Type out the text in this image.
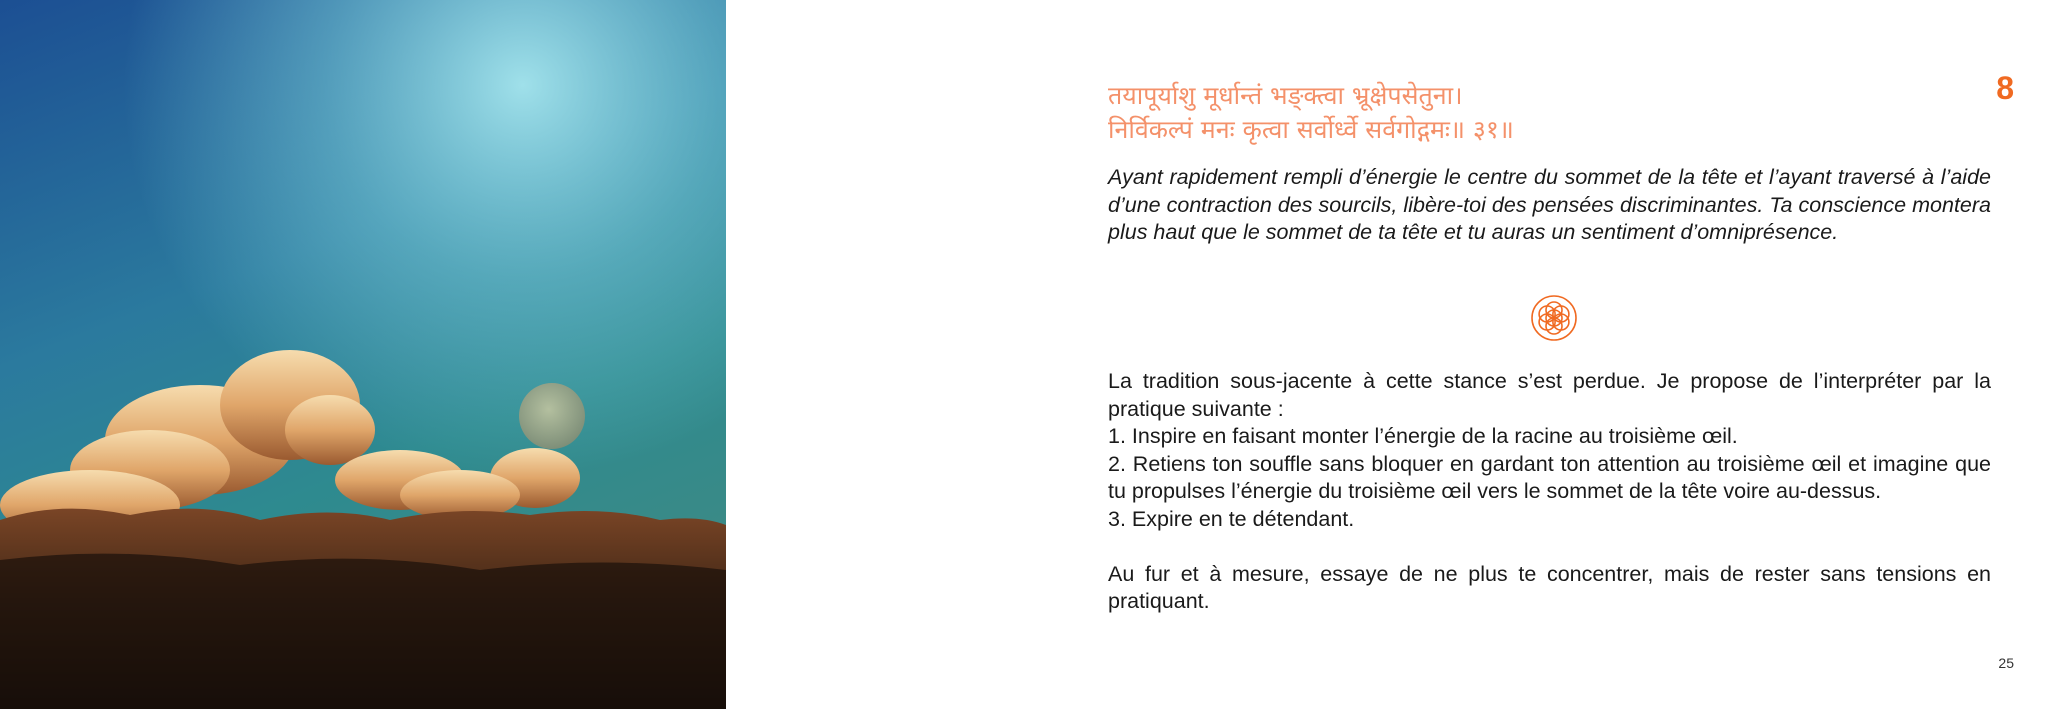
तयापूर्याशु मूर्धान्तं भङ्क्त्वा भ्रूक्षेपसेतुना।
निर्विकल्पं मनः कृत्वा सर्वोर्ध्वे सर्वगोद्गमः॥ ३१॥
8

Ayant rapidement rempli d’énergie le centre du sommet de la tête et l’ayant traversé à l’aide d’une contraction des sourcils, libère-toi des pensées discriminantes. Ta conscience montera plus haut que le sommet de ta tête et tu auras un sentiment d’omniprésence.

La tradition sous-jacente à cette stance s’est perdue. Je propose de l’interpréter par la pratique suivante :

1. Inspire en faisant monter l’énergie de la racine au troisième œil.

2. Retiens ton souffle sans bloquer en gardant ton attention au troisième œil et imagine que tu propulses l’énergie du troisième œil vers le sommet de la tête voire au-dessus.

3. Expire en te détendant.

Au fur et à mesure, essaye de ne plus te concentrer, mais de rester sans tensions en pratiquant.

25
